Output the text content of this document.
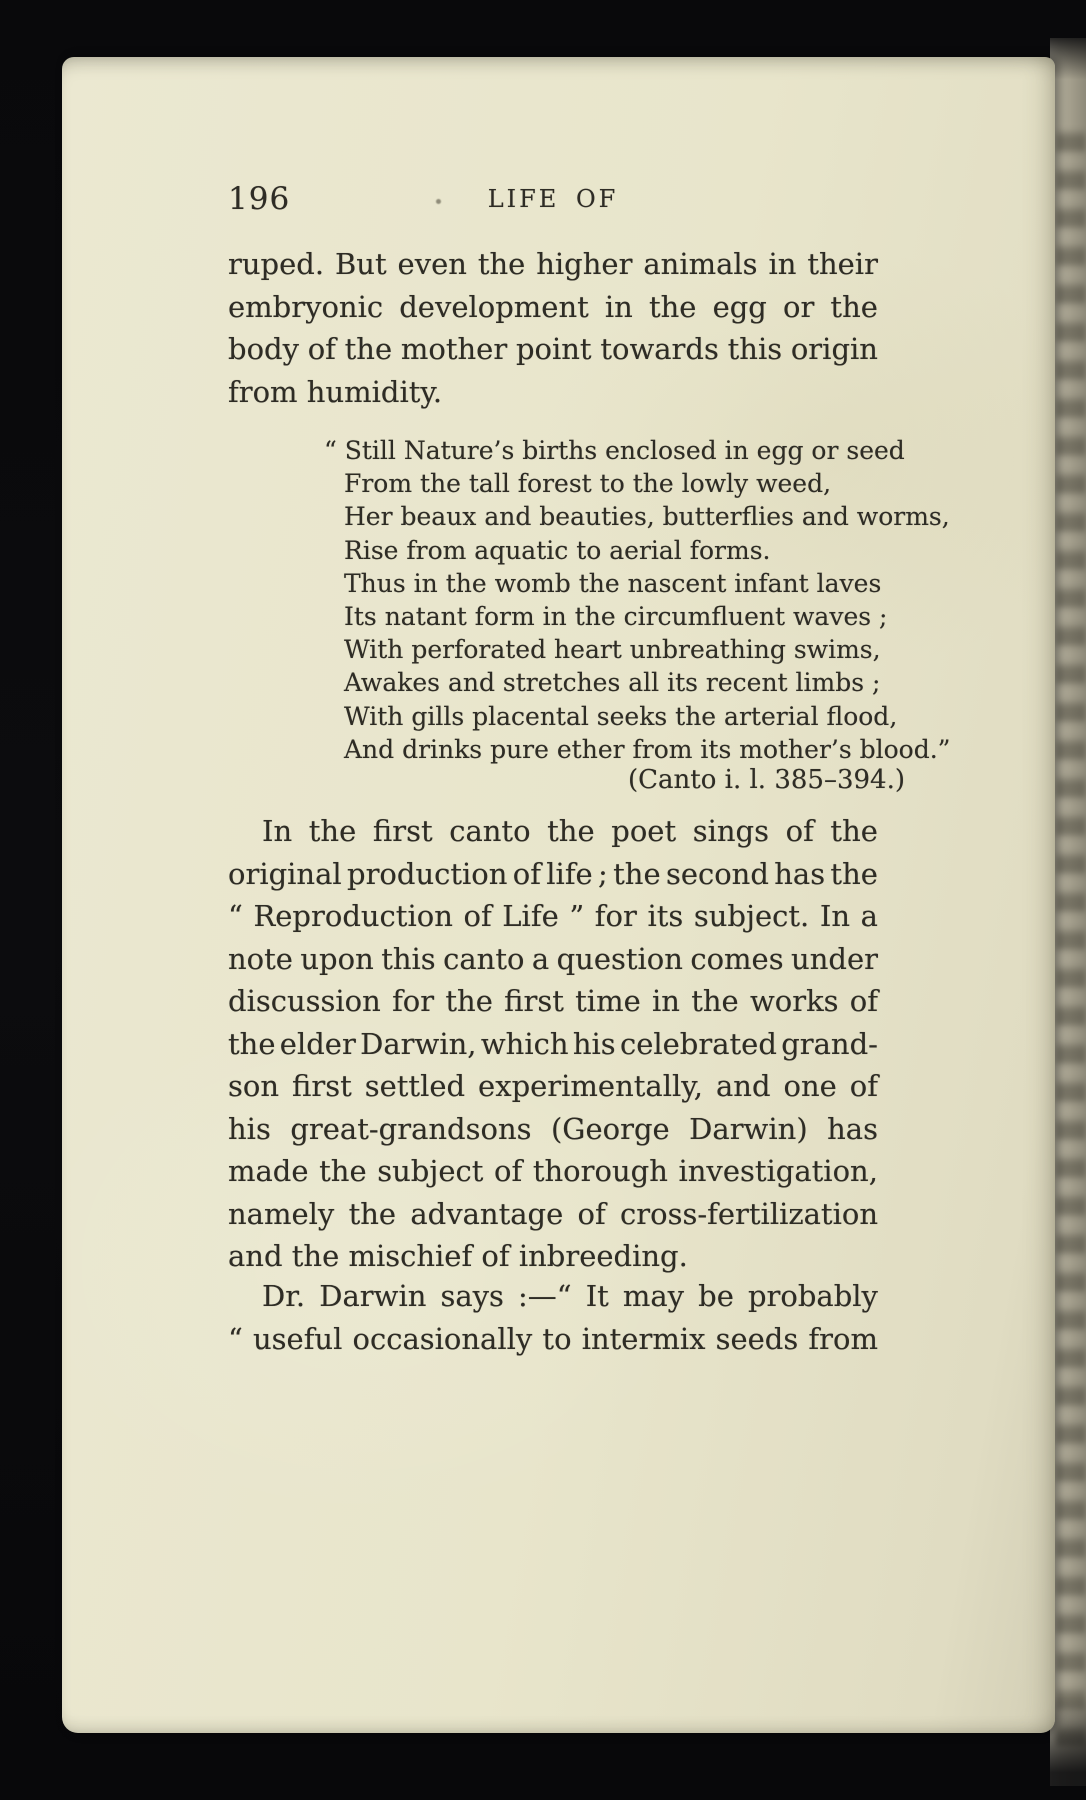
196	LIFE OF
ruped. But even the higher animals in their
embryonic development in the egg or the
body of the mother point towards this origin
from humidity.
“ Still Nature’s births enclosed in egg or seed
From the tall forest to the lowly weed,
Her beaux and beauties, butterflies and worms,
Rise from aquatic to aerial forms.
Thus in the womb the nascent infant laves
Its natant form in the circumfluent waves ;
With perforated heart unbreathing swims,
Awakes and stretches all its recent limbs ;
With gills placental seeks the arterial flood,
And drinks pure ether from its mother’s blood.”
(Canto i. l. 385–394.)
In the first canto the poet sings of the
original production of life ; the second has the
“ Reproduction of Life ” for its subject. In a
note upon this canto a question comes under
discussion for the first time in the works of
the elder Darwin, which his celebrated grand-
son first settled experimentally, and one of
his great-grandsons (George Darwin) has
made the subject of thorough investigation,
namely the advantage of cross-fertilization
and the mischief of inbreeding.
Dr. Darwin says :—“ It may be probably
“ useful occasionally to intermix seeds from
